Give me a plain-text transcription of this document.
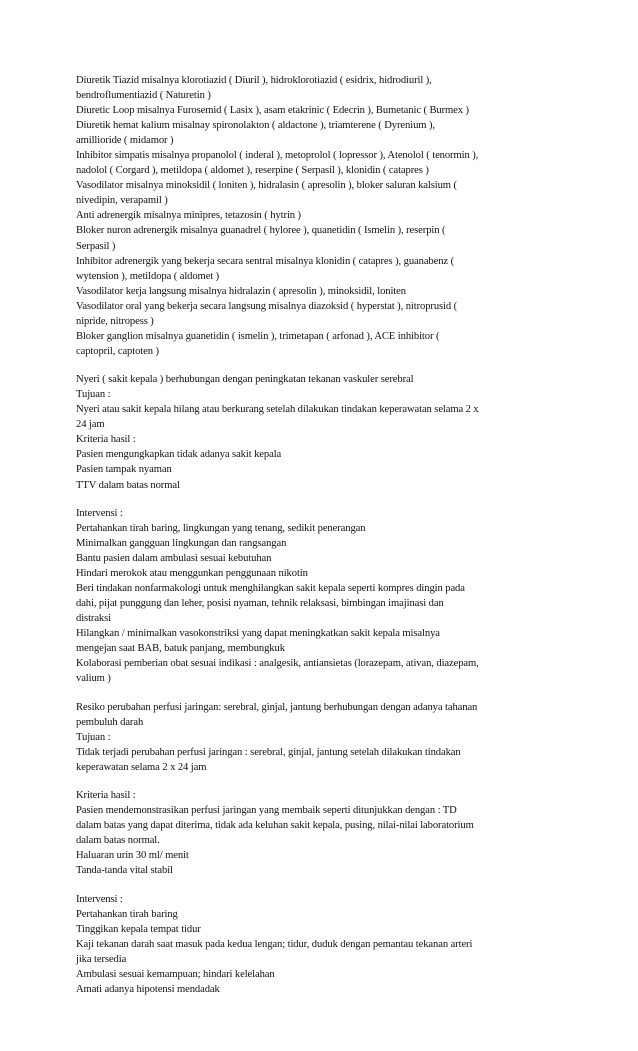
Diuretik Tiazid misalnya klorotiazid ( Diuril ), hidroklorotiazid ( esidrix, hidrodiuril ),
bendroflumentiazid ( Naturetin )
Diuretic Loop misalnya Furosemid ( Lasix ), asam etakrinic ( Edecrin ), Bumetanic ( Burmex )
Diuretik hemat kalium misalnay spironolakton ( aldactone ), triamterene ( Dyrenium ),
amillioride ( midamor )
Inhibitor simpatis misalnya propanolol ( inderal ), metoprolol ( lopressor ), Atenolol ( tenormin ),
nadolol ( Corgard ), metildopa ( aldomet ), reserpine ( Serpasil ), klonidin ( catapres )
Vasodilator misalnya minoksidil ( loniten ), hidralasin ( apresolin ), bloker saluran kalsium (
nivedipin, verapamil )
Anti adrenergik misalnya minipres, tetazosin ( hytrin )
Bloker nuron adrenergik misalnya guanadrel ( hyloree ), quanetidin ( Ismelin ), reserpin (
Serpasil )
Inhibitor adrenergik yang bekerja secara sentral misalnya klonidin ( catapres ), guanabenz (
wytension ), metildopa ( aldomet )
Vasodilator kerja langsung misalnya hidralazin ( apresolin ), minoksidil, loniten
Vasodilator oral yang bekerja secara langsung misalnya diazoksid ( hyperstat ), nitroprusid (
nipride, nitropess )
Bloker ganglion misalnya guanetidin ( ismelin ), trimetapan ( arfonad ), ACE inhibitor (
captopril, captoten )
Nyeri ( sakit kepala ) berhubungan dengan peningkatan tekanan vaskuler serebral
Tujuan :
Nyeri atau sakit kepala hilang atau berkurang setelah dilakukan tindakan keperawatan selama 2 x
24 jam
Kriteria hasil :
Pasien mengungkapkan tidak adanya sakit kepala
Pasien tampak nyaman
TTV dalam batas normal
Intervensi :
Pertahankan tirah baring, lingkungan yang tenang, sedikit penerangan
Minimalkan gangguan lingkungan dan rangsangan
Bantu pasien dalam ambulasi sesuai kebutuhan
Hindari merokok atau menggunkan penggunaan nikotin
Beri tindakan nonfarmakologi untuk menghilangkan sakit kepala seperti kompres dingin pada
dahi, pijat punggung dan leher, posisi nyaman, tehnik relaksasi, bimbingan imajinasi dan
distraksi
Hilangkan / minimalkan vasokonstriksi yang dapat meningkatkan sakit kepala misalnya
mengejan saat BAB, batuk panjang, membungkuk
Kolaborasi pemberian obat sesuai indikasi : analgesik, antiansietas (lorazepam, ativan, diazepam,
valium )
Resiko perubahan perfusi jaringan: serebral, ginjal, jantung berhubungan dengan adanya tahanan
pembuluh darah
Tujuan :
Tidak terjadi perubahan perfusi jaringan : serebral, ginjal, jantung setelah dilakukan tindakan
keperawatan selama 2 x 24 jam
Kriteria hasil :
Pasien mendemonstrasikan perfusi jaringan yang membaik seperti ditunjukkan dengan : TD
dalam batas yang dapat diterima, tidak ada keluhan sakit kepala, pusing, nilai-nilai laboratorium
dalam batas normal.
Haluaran urin 30 ml/ menit
Tanda-tanda vital stabil
Intervensi :
Pertahankan tirah baring
Tinggikan kepala tempat tidur
Kaji tekanan darah saat masuk pada kedua lengan; tidur, duduk dengan pemantau tekanan arteri
jika tersedia
Ambulasi sesuai kemampuan; hindari kelelahan
Amati adanya hipotensi mendadak
